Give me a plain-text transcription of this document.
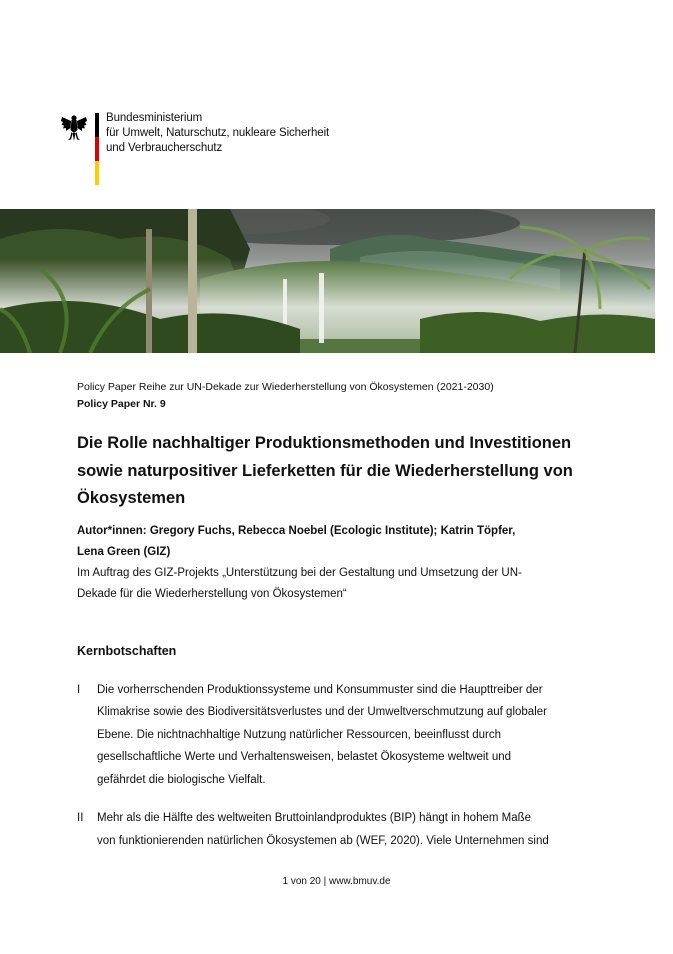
Bundesministerium
für Umwelt, Naturschutz, nukleare Sicherheit
und Verbraucherschutz

Policy Paper Reihe zur UN-Dekade zur Wiederherstellung von Ökosystemen (2021-2030)

Policy Paper Nr. 9

Die Rolle nachhaltiger Produktionsmethoden und Investitionen
sowie naturpositiver Lieferketten für die Wiederherstellung von
Ökosystemen
Autor*innen: Gregory Fuchs, Rebecca Noebel (Ecologic Institute); Katrin Töpfer,
Lena Green (GIZ)
Im Auftrag des GIZ-Projekts „Unterstützung bei der Gestaltung und Umsetzung der UN-
Dekade für die Wiederherstellung von Ökosystemen“
Kernbotschaften
I Die vorherrschenden Produktionssysteme und Konsummuster sind die Haupttreiber der
Klimakrise sowie des Biodiversitätsverlustes und der Umweltverschmutzung auf globaler
Ebene. Die nichtnachhaltige Nutzung natürlicher Ressourcen, beeinflusst durch
gesellschaftliche Werte und Verhaltensweisen, belastet Ökosysteme weltweit und
gefährdet die biologische Vielfalt.
II Mehr als die Hälfte des weltweiten Bruttoinlandproduktes (BIP) hängt in hohem Maße
von funktionierenden natürlichen Ökosystemen ab (WEF, 2020). Viele Unternehmen sind
1 von 20 | www.bmuv.de
